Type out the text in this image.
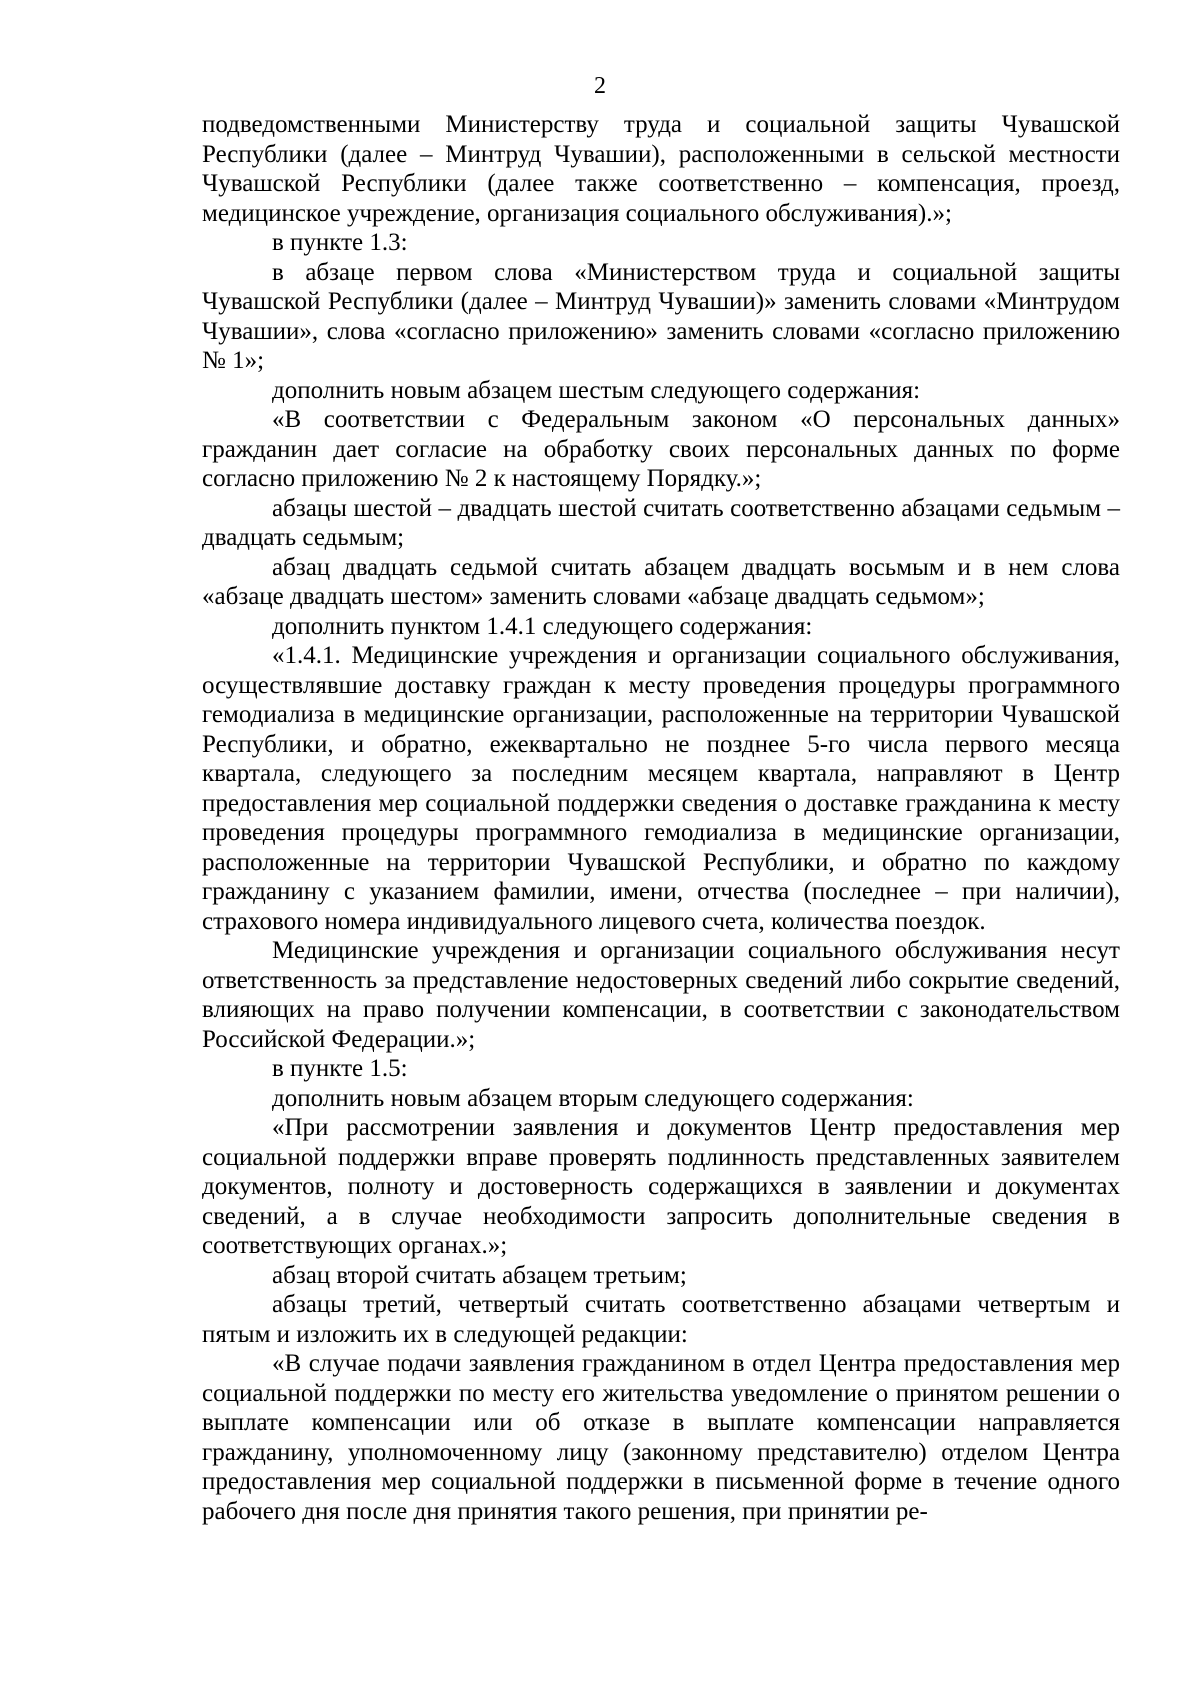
2

подведомственными Министерству труда и социальной защиты Чувашской Республики (далее – Минтруд Чувашии), расположенными в сельской местности Чувашской Республики (далее также соответственно – компенсация, проезд, медицинское учреждение, организация социального обслуживания).»;

в пункте 1.3:

в абзаце первом слова «Министерством труда и социальной защиты Чувашской Республики (далее – Минтруд Чувашии)» заменить словами «Минтрудом Чувашии», слова «согласно приложению» заменить словами «согласно приложению № 1»;

дополнить новым абзацем шестым следующего содержания:

«В соответствии с Федеральным законом «О персональных данных» гражданин дает согласие на обработку своих персональных данных по форме согласно приложению № 2 к настоящему Порядку.»;

абзацы шестой – двадцать шестой считать соответственно абзацами седьмым – двадцать седьмым;

абзац двадцать седьмой считать абзацем двадцать восьмым и в нем слова «абзаце двадцать шестом» заменить словами «абзаце двадцать седьмом»;

дополнить пунктом 1.4.1 следующего содержания:

«1.4.1. Медицинские учреждения и организации социального обслуживания, осуществлявшие доставку граждан к месту проведения процедуры программного гемодиализа в медицинские организации, расположенные на территории Чувашской Республики, и обратно, ежеквартально не позднее 5-го числа первого месяца квартала, следующего за последним месяцем квартала, направляют в Центр предоставления мер социальной поддержки сведения о доставке гражданина к месту проведения процедуры программного гемодиализа в медицинские организации, расположенные на территории Чувашской Республики, и обратно по каждому гражданину с указанием фамилии, имени, отчества (последнее – при наличии), страхового номера индивидуального лицевого счета, количества поездок.

Медицинские учреждения и организации социального обслуживания несут ответственность за представление недостоверных сведений либо сокрытие сведений, влияющих на право получении компенсации, в соответствии с законодательством Российской Федерации.»;

в пункте 1.5:

дополнить новым абзацем вторым следующего содержания:

«При рассмотрении заявления и документов Центр предоставления мер социальной поддержки вправе проверять подлинность представленных заявителем документов, полноту и достоверность содержащихся в заявлении и документах сведений, а в случае необходимости запросить дополнительные сведения в соответствующих органах.»;

абзац второй считать абзацем третьим;

абзацы третий, четвертый считать соответственно абзацами четвертым и пятым и изложить их в следующей редакции:

«В случае подачи заявления гражданином в отдел Центра предоставления мер социальной поддержки по месту его жительства уведомление о принятом решении о выплате компенсации или об отказе в выплате компенсации направляется гражданину, уполномоченному лицу (законному представителю) отделом Центра предоставления мер социальной поддержки в письменной форме в течение одного рабочего дня после дня принятия такого решения, при принятии ре-
